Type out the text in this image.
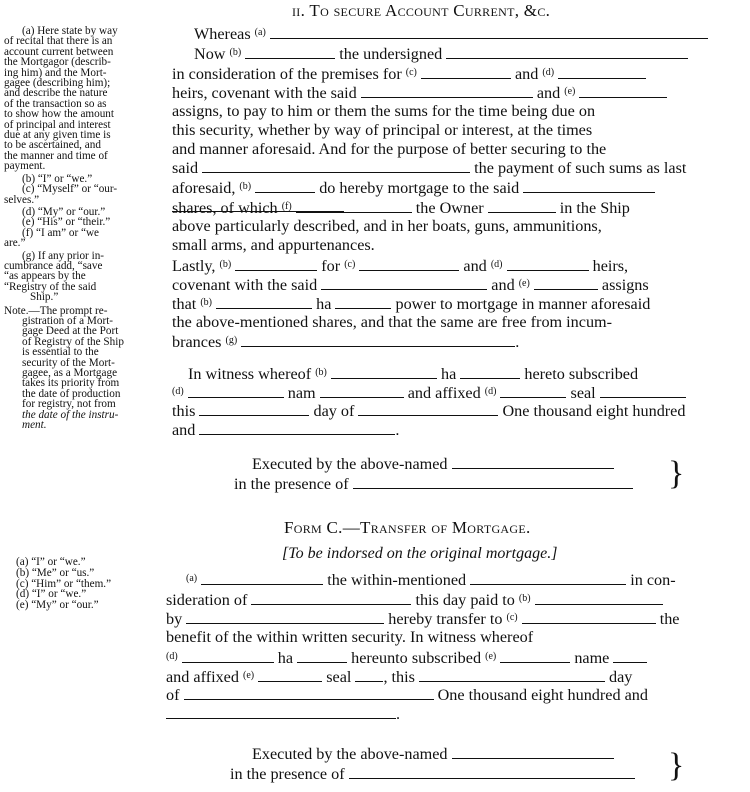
ii. To secure Account Current, &c.
(a) Here state by way
of recital that there is an
account current between
the Mortgagor (describ-
ing him) and the Mort-
gagee (describing him);
and describe the nature
of the transaction so as
to show how the amount
of principal and interest
due at any given time is
to be ascertained, and
the manner and time of
payment.
(b) “I” or “we.”
(c) “Myself” or “our-
selves.”
(d) “My” or “our.”
(e) “His” or “their.”
(f) “I am” or “we
are.”
(g) If any prior in-
cumbrance add, “save
“as appears by the
“Registry of the said
Ship.”
Note.—The prompt re-
gistration of a Mort-
gage Deed at the Port
of Registry of the Ship
is essential to the
security of the Mort-
gagee, as a Mortgage
takes its priority from
the date of production
for registry, not from
the date of the instru-
ment.
(a) “I” or “we.”
(b) “Me” or “us.”
(c) “Him” or “them.”
(d) “I” or “we.”
(e) “My” or “our.”
Whereas $^{(a)}$
Now $^{(b)}$	the undersigned
in consideration of the premises for $^{(c)}$	and $^{(d)}$
heirs, covenant with the said	and $^{(e)}$
assigns, to pay to him or them the sums for the time being due on
this security, whether by way of principal or interest, at the times
and manner aforesaid. And for the purpose of better securing to the
said	the payment of such sums as last
aforesaid, $^{(b)}$	do hereby mortgage to the said
shares, of which $^{(f)}$	the Owner	in the Ship
above particularly described, and in her boats, guns, ammunitions,
small arms, and appurtenances.
Lastly, $^{(b)}$	for $^{(c)}$	and $^{(d)}$	heirs,
covenant with the said	and $^{(e)}$	assigns
that $^{(b)}$	ha	power to mortgage in manner aforesaid
the above-mentioned shares, and that the same are free from incum-
brances $^{(g)}$	.
In witness whereof $^{(b)}$	ha	hereto subscribed
$^{(d)}$	nam	and affixed $^{(d)}$	seal
this	day of	One thousand eight hundred
and	.
Executed by the above-named
in the presence of	}
Form C.—Transfer of Mortgage.
[To be indorsed on the original mortgage.]
$^{(a)}$	the within-mentioned	in con-
sideration of	this day paid to $^{(b)}$
by	hereby transfer to $^{(c)}$	the
benefit of the within written security. In witness whereof
$^{(d)}$	ha	hereunto subscribed $^{(e)}$	name
and affixed $^{(e)}$	seal , this	day
of	One thousand eight hundred and
.
Executed by the above-named
in the presence of	}
